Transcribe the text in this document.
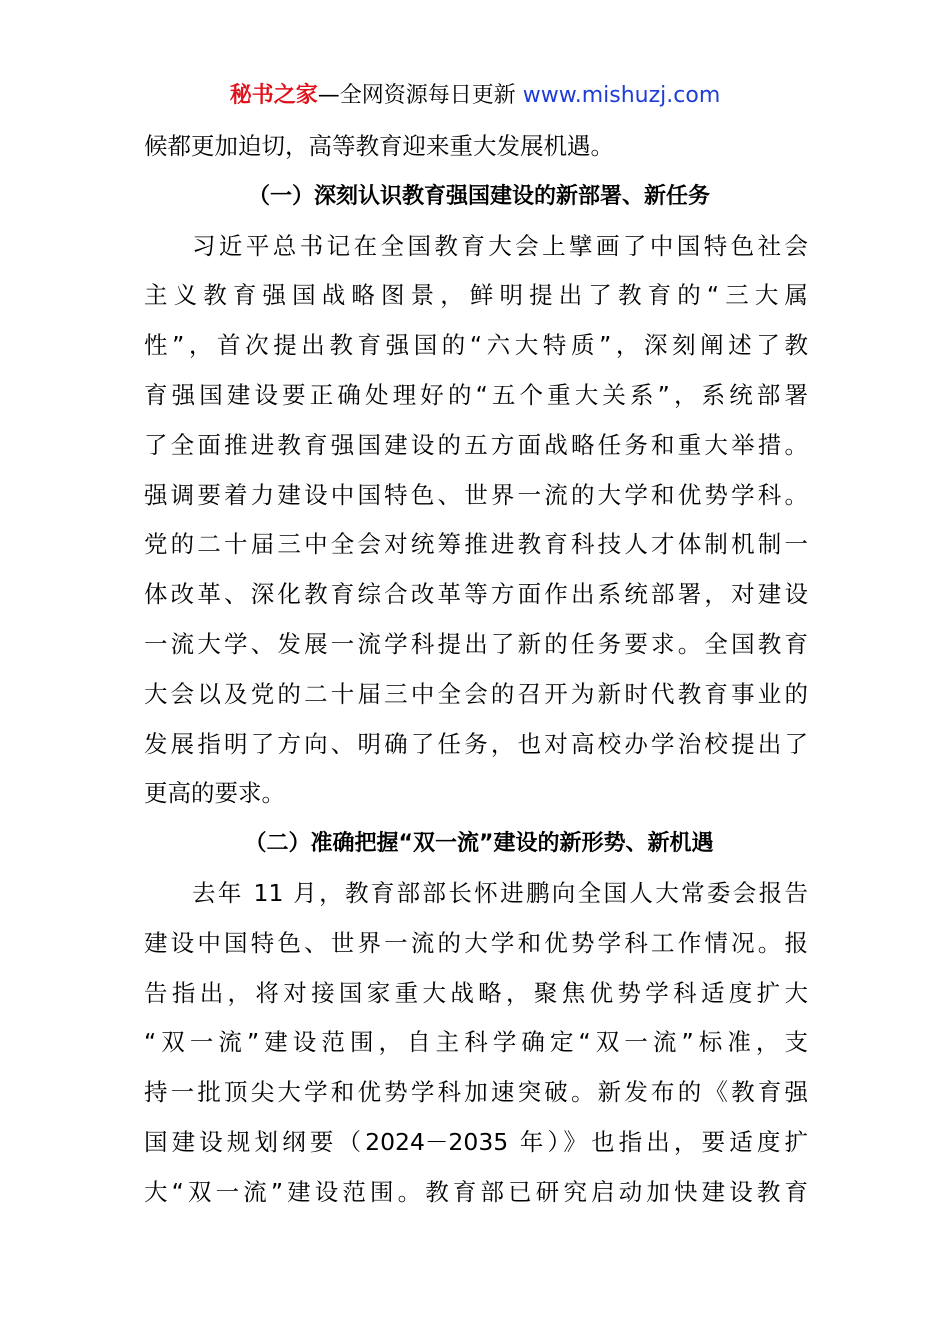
秘书之家—全网资源每日更新 www.mishuzj.com
候都更加迫切，高等教育迎来重大发展机遇。
（一）深刻认识教育强国建设的新部署、新任务
习近平总书记在全国教育大会上擘画了中国特色社会
主义教育强国战略图景，鲜明提出了教育的“三大属
性”，首次提出教育强国的“六大特质”，深刻阐述了教
育强国建设要正确处理好的“五个重大关系”，系统部署
了全面推进教育强国建设的五方面战略任务和重大举措。
强调要着力建设中国特色、世界一流的大学和优势学科。
党的二十届三中全会对统筹推进教育科技人才体制机制一
体改革、深化教育综合改革等方面作出系统部署，对建设
一流大学、发展一流学科提出了新的任务要求。全国教育
大会以及党的二十届三中全会的召开为新时代教育事业的
发展指明了方向、明确了任务，也对高校办学治校提出了
更高的要求。
（二）准确把握“双一流”建设的新形势、新机遇
去年 11 月，教育部部长怀进鹏向全国人大常委会报告
建设中国特色、世界一流的大学和优势学科工作情况。报
告指出，将对接国家重大战略，聚焦优势学科适度扩大
“双一流”建设范围，自主科学确定“双一流”标准，支
持一批顶尖大学和优势学科加速突破。新发布的《教育强
国建设规划纲要（2024－2035 年）》也指出，要适度扩
大“双一流”建设范围。教育部已研究启动加快建设教育
